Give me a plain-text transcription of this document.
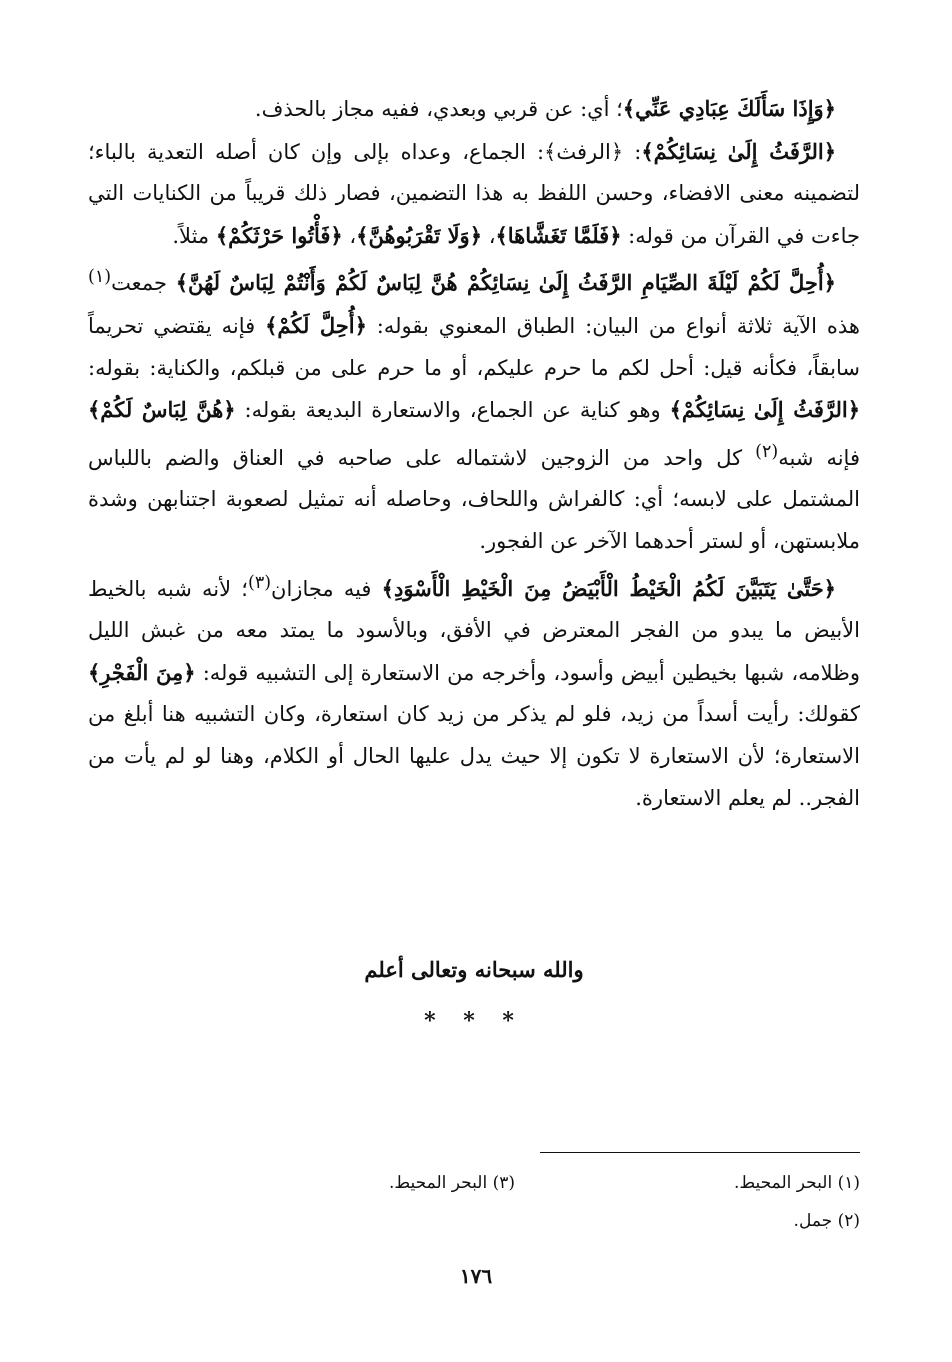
﴿وَإِذَا سَأَلَكَ عِبَادِي عَنِّي﴾؛ أي: عن قربي وبعدي، ففيه مجاز بالحذف.

﴿الرَّفَثُ إِلَىٰ نِسَائِكُمْ﴾: ﴿الرفث﴾: الجماع، وعداه بإلى وإن كان أصله التعدية بالباء؛ لتضمينه معنى الافضاء، وحسن اللفظ به هذا التضمين، فصار ذلك قريباً من الكنايات التي جاءت في القرآن من قوله: ﴿فَلَمَّا تَغَشَّاهَا﴾، ﴿وَلَا تَقْرَبُوهُنَّ﴾، ﴿فَأْتُوا حَرْثَكُمْ﴾ مثلاً.

﴿أُحِلَّ لَكُمْ لَيْلَةَ الصِّيَامِ الرَّفَثُ إِلَىٰ نِسَائِكُمْ هُنَّ لِبَاسٌ لَكُمْ وَأَنْتُمْ لِبَاسٌ لَهُنَّ﴾ جمعت$^{(١)}$ هذه الآية ثلاثة أنواع من البيان: الطباق المعنوي بقوله: ﴿أُحِلَّ لَكُمْ﴾ فإنه يقتضي تحريماً سابقاً، فكأنه قيل: أحل لكم ما حرم عليكم، أو ما حرم على من قبلكم، والكناية: بقوله: ﴿الرَّفَثُ إِلَىٰ نِسَائِكُمْ﴾ وهو كناية عن الجماع، والاستعارة البديعة بقوله: ﴿هُنَّ لِبَاسٌ لَكُمْ﴾ فإنه شبه$^{(٢)}$ كل واحد من الزوجين لاشتماله على صاحبه في العناق والضم باللباس المشتمل على لابسه؛ أي: كالفراش واللحاف، وحاصله أنه تمثيل لصعوبة اجتنابهن وشدة ملابستهن، أو لستر أحدهما الآخر عن الفجور.

﴿حَتَّىٰ يَتَبَيَّنَ لَكُمُ الْخَيْطُ الْأَبْيَضُ مِنَ الْخَيْطِ الْأَسْوَدِ﴾ فيه مجازان$^{(٣)}$؛ لأنه شبه بالخيط الأبيض ما يبدو من الفجر المعترض في الأفق، وبالأسود ما يمتد معه من غبش الليل وظلامه، شبها بخيطين أبيض وأسود، وأخرجه من الاستعارة إلى التشبيه قوله: ﴿مِنَ الْفَجْرِ﴾ كقولك: رأيت أسداً من زيد، فلو لم يذكر من زيد كان استعارة، وكان التشبيه هنا أبلغ من الاستعارة؛ لأن الاستعارة لا تكون إلا حيث يدل عليها الحال أو الكلام، وهنا لو لم يأت من الفجر.. لم يعلم الاستعارة.

والله سبحانه وتعالى أعلم
* * *
(١) البحر المحيط.
(٣) البحر المحيط.
(٢) جمل.
١٧٦
